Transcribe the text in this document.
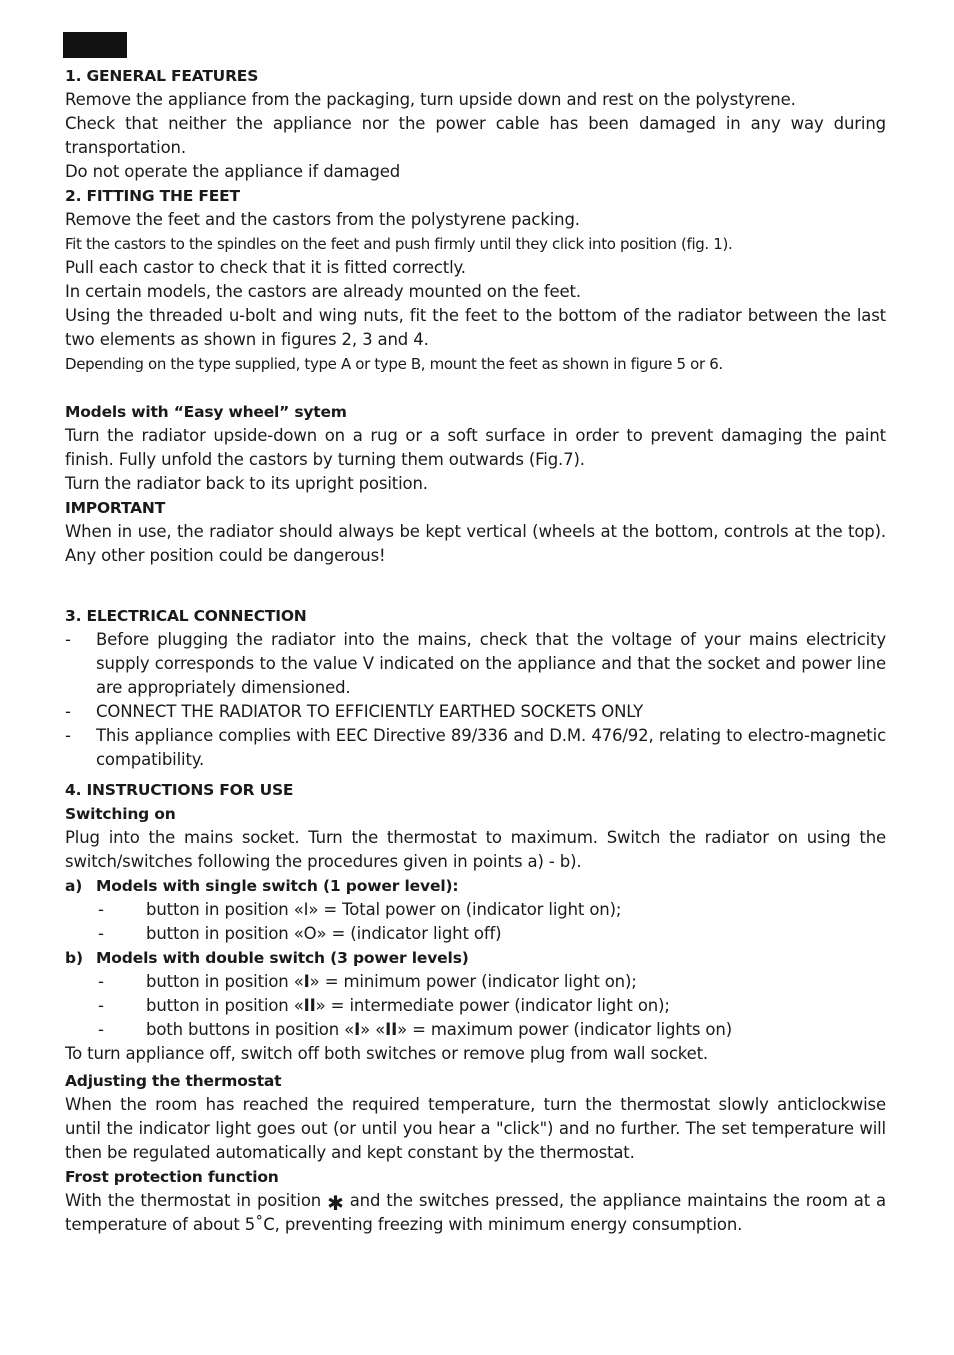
1. GENERAL FEATURES

Remove the appliance from the packaging, turn upside down and rest on the polystyrene.

Check that neither the appliance nor the power cable has been damaged in any way during transportation.

Do not operate the appliance if damaged

2. FITTING THE FEET

Remove the feet and the castors from the polystyrene packing.

Fit the castors to the spindles on the feet and push firmly until they click into position (fig. 1).

Pull each castor to check that it is fitted correctly.

In certain models, the castors are already mounted on the feet.

Using the threaded u-bolt and wing nuts, fit the feet to the bottom of the radiator between the last two elements as shown in figures 2, 3 and 4.

Depending on the type supplied, type A or type B, mount the feet as shown in figure 5 or 6.

Models with “Easy wheel” sytem

Turn the radiator upside-down on a rug or a soft surface in order to prevent damaging the paint finish. Fully unfold the castors by turning them outwards (Fig.7).

Turn the radiator back to its upright position.

IMPORTANT

When in use, the radiator should always be kept vertical (wheels at the bottom, controls at the top). Any other position could be dangerous!

3. ELECTRICAL CONNECTION

- Before plugging the radiator into the mains, check that the voltage of your mains electricity supply corresponds to the value V indicated on the appliance and that the socket and power line are appropriately dimensioned.

- CONNECT THE RADIATOR TO EFFICIENTLY EARTHED SOCKETS ONLY

- This appliance complies with EEC Directive 89/336 and D.M. 476/92, relating to electro-magnetic compatibility.

4. INSTRUCTIONS FOR USE

Switching on

Plug into the mains socket. Turn the thermostat to maximum. Switch the radiator on using the switch/switches following the procedures given in points a) - b).

a) Models with single switch (1 power level):

- button in position «I» = Total power on (indicator light on);

- button in position «O» = (indicator light off)

b) Models with double switch (3 power levels)

- button in position «I» = minimum power (indicator light on);

- button in position «II» = intermediate power (indicator light on);

- both buttons in position «I» «II» = maximum power (indicator lights on)

To turn appliance off, switch off both switches or remove plug from wall socket.

Adjusting the thermostat

When the room has reached the required temperature, turn the thermostat slowly anticlockwise until the indicator light goes out (or until you hear a "click") and no further. The set temperature will then be regulated automatically and kept constant by the thermostat.

Frost protection function

With the thermostat in position ✱ and the switches pressed, the appliance maintains the room at a temperature of about 5˚C, preventing freezing with minimum energy consumption.
